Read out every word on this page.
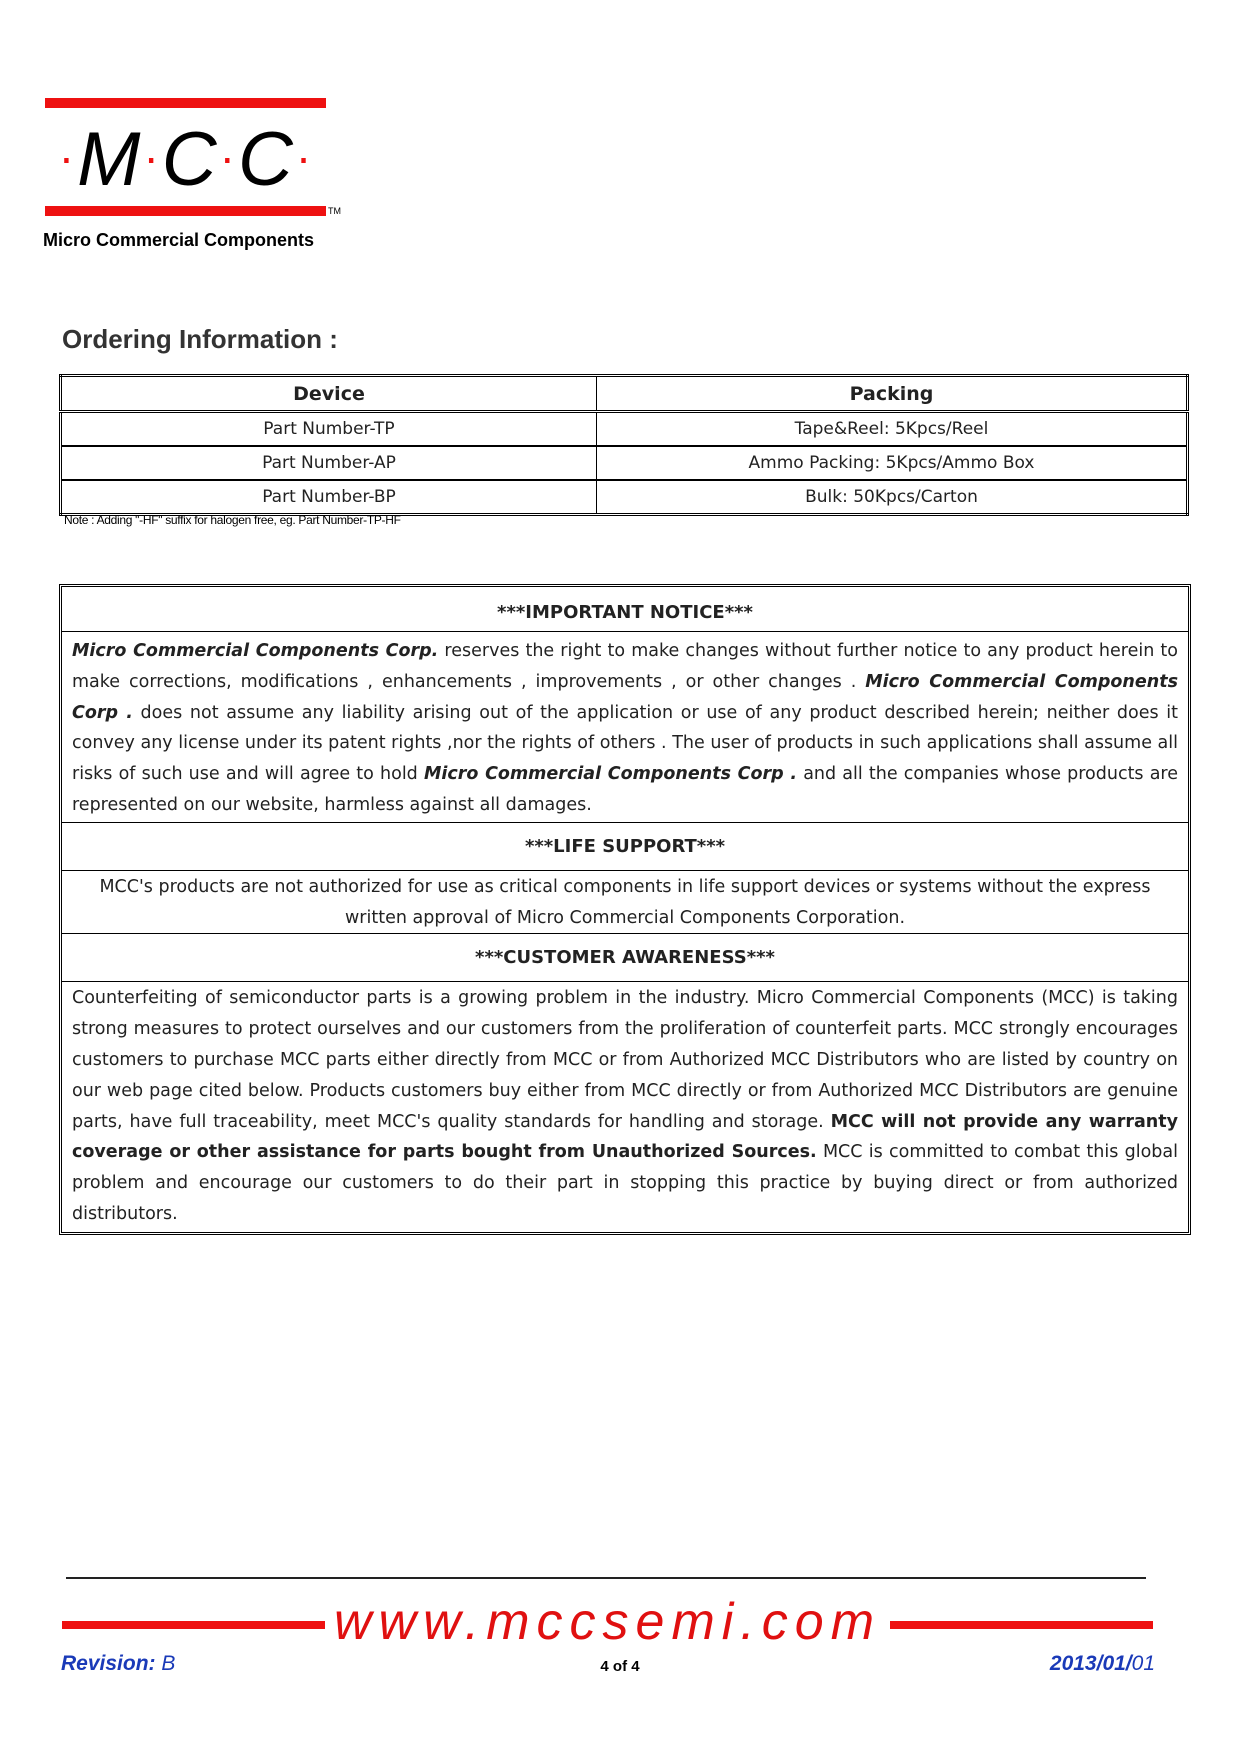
·M·C·C·
TM
Micro Commercial Components
Ordering Information :
Device	Packing
Part Number-TP	Tape&Reel: 5Kpcs/Reel
Part Number-AP	Ammo Packing: 5Kpcs/Ammo Box
Part Number-BP	Bulk: 50Kpcs/Carton
Note : Adding "-HF" suffix for halogen free, eg. Part Number-TP-HF
***IMPORTANT NOTICE***
Micro Commercial Components Corp. reserves the right to make changes without further notice to any product herein to make corrections, modifications , enhancements , improvements , or other changes . Micro Commercial Components Corp . does not assume any liability arising out of the application or use of any product described herein; neither does it convey any license under its patent rights ,nor the rights of others . The user of products in such applications shall assume all risks of such use and will agree to hold Micro Commercial Components Corp . and all the companies whose products are represented on our website, harmless against all damages.
***LIFE SUPPORT***
MCC's products are not authorized for use as critical components in life support devices or systems without the express written approval of Micro Commercial Components Corporation.
***CUSTOMER AWARENESS***
Counterfeiting of semiconductor parts is a growing problem in the industry. Micro Commercial Components (MCC) is taking strong measures to protect ourselves and our customers from the proliferation of counterfeit parts. MCC strongly encourages customers to purchase MCC parts either directly from MCC or from Authorized MCC Distributors who are listed by country on our web page cited below. Products customers buy either from MCC directly or from Authorized MCC Distributors are genuine parts, have full traceability, meet MCC's quality standards for handling and storage. MCC will not provide any warranty coverage or other assistance for parts bought from Unauthorized Sources. MCC is committed to combat this global problem and encourage our customers to do their part in stopping this practice by buying direct or from authorized distributors.
www.mccsemi.com
Revision: B	4 of 4	2013/01/01
